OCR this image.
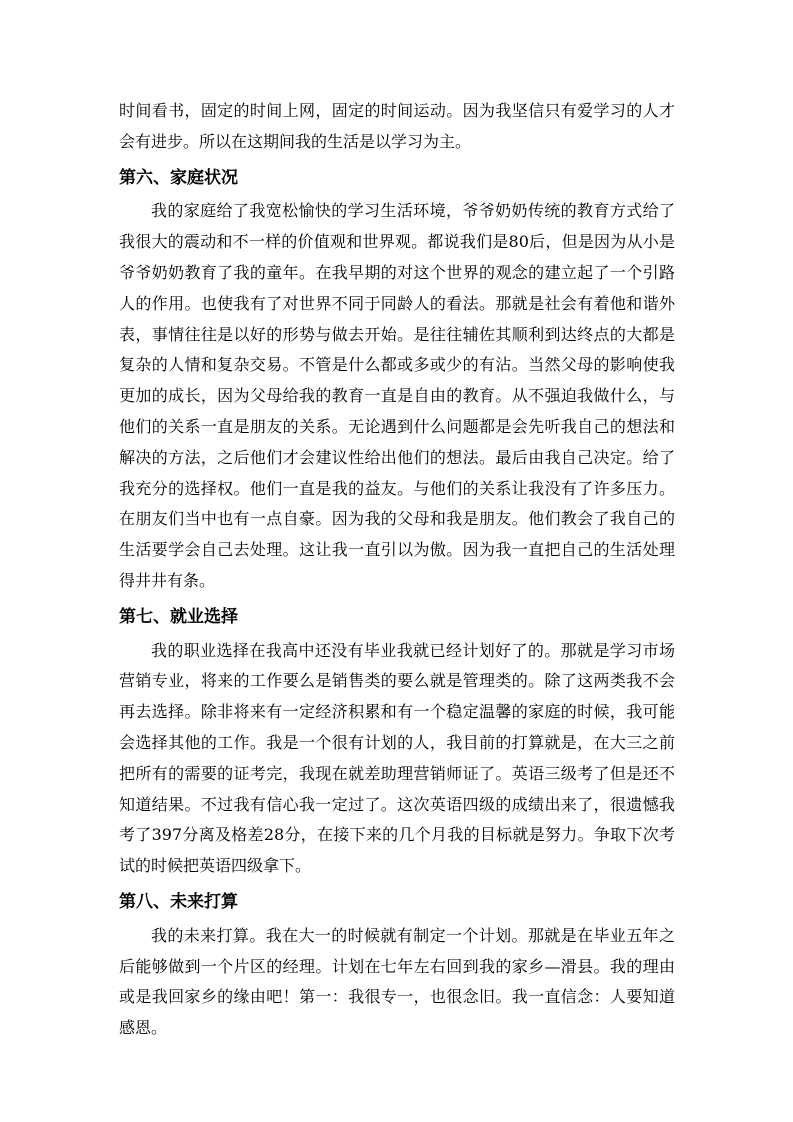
时间看书，固定的时间上网，固定的时间运动。因为我坚信只有爱学习的人才会有进步。所以在这期间我的生活是以学习为主。

第六、家庭状况

我的家庭给了我宽松愉快的学习生活环境，爷爷奶奶传统的教育方式给了我很大的震动和不一样的价值观和世界观。都说我们是80后，但是因为从小是爷爷奶奶教育了我的童年。在我早期的对这个世界的观念的建立起了一个引路人的作用。也使我有了对世界不同于同龄人的看法。那就是社会有着他和谐外表，事情往往是以好的形势与做去开始。是往往辅佐其顺利到达终点的大都是复杂的人情和复杂交易。不管是什么都或多或少的有沾。当然父母的影响使我更加的成长，因为父母给我的教育一直是自由的教育。从不强迫我做什么，与他们的关系一直是朋友的关系。无论遇到什么问题都是会先听我自己的想法和解决的方法，之后他们才会建议性给出他们的想法。最后由我自己决定。给了我充分的选择权。他们一直是我的益友。与他们的关系让我没有了许多压力。在朋友们当中也有一点自豪。因为我的父母和我是朋友。他们教会了我自己的生活要学会自己去处理。这让我一直引以为傲。因为我一直把自己的生活处理得井井有条。

第七、就业选择

我的职业选择在我高中还没有毕业我就已经计划好了的。那就是学习市场营销专业，将来的工作要么是销售类的要么就是管理类的。除了这两类我不会再去选择。除非将来有一定经济积累和有一个稳定温馨的家庭的时候，我可能会选择其他的工作。我是一个很有计划的人，我目前的打算就是，在大三之前把所有的需要的证考完，我现在就差助理营销师证了。英语三级考了但是还不知道结果。不过我有信心我一定过了。这次英语四级的成绩出来了，很遗憾我考了397分离及格差28分，在接下来的几个月我的目标就是努力。争取下次考试的时候把英语四级拿下。

第八、未来打算

我的未来打算。我在大一的时候就有制定一个计划。那就是在毕业五年之后能够做到一个片区的经理。计划在七年左右回到我的家乡—滑县。我的理由或是我回家乡的缘由吧！第一：我很专一，也很念旧。我一直信念：人要知道感恩。
